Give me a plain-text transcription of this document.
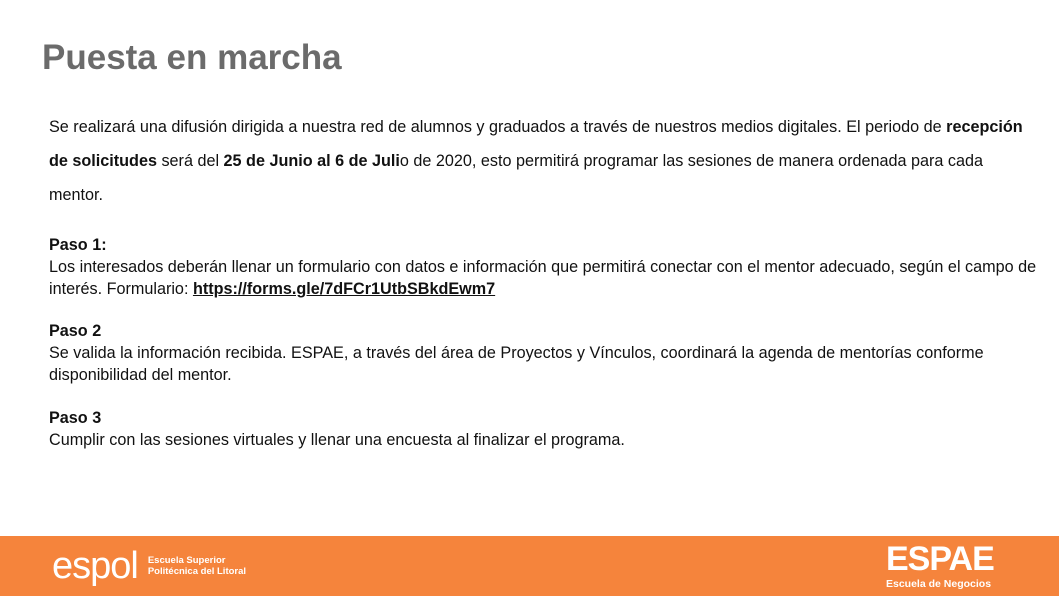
Puesta en marcha
Se realizará una difusión dirigida a nuestra red de alumnos y graduados a través de nuestros medios digitales. El periodo de recepción de solicitudes será del 25 de Junio al 6 de Julio de 2020, esto permitirá programar las sesiones de manera ordenada para cada mentor.
Paso 1:
Los interesados deberán llenar un formulario con datos e información que permitirá conectar con el mentor adecuado, según el campo de interés. Formulario: https://forms.gle/7dFCr1UtbSBkdEwm7
Paso 2
Se valida la información recibida. ESPAE, a través del área de Proyectos y Vínculos, coordinará la agenda de mentorías conforme disponibilidad del mentor.
Paso 3
Cumplir con las sesiones virtuales y llenar una encuesta al finalizar el programa.
espol Escuela Superior
Politécnica del Litoral	ESPAE
Escuela de Negocios
